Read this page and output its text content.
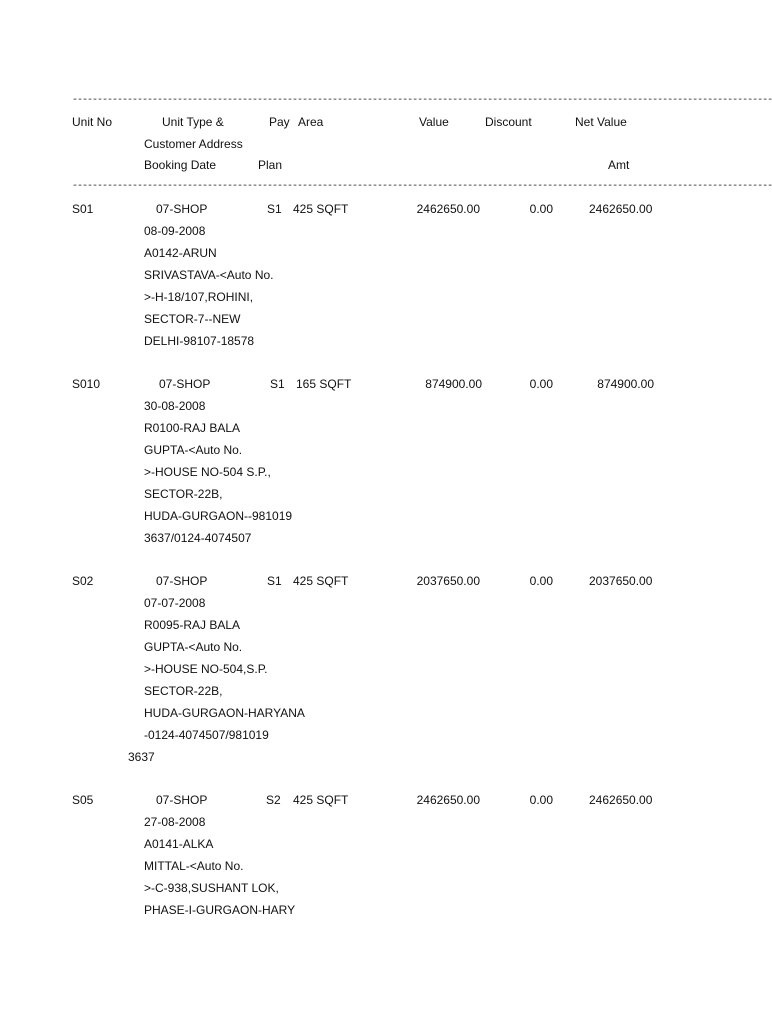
--------------------------------------------------------------------------------------------------------------------------------------------
Unit No	Unit Type &	Pay Area	Value	Discount	Net Value
Customer Address
Booking Date	Plan	Amt
--------------------------------------------------------------------------------------------------------------------------------------------
S01	07-SHOP	S1 425 SQFT	2462650.00	0.00	2462650.00
08-09-2008
A0142-ARUN
SRIVASTAVA-<Auto No.
>-H-18/107,ROHINI,
SECTOR-7--NEW
DELHI-98107-18578
S010	07-SHOP	S1 165 SQFT	874900.00	0.00	874900.00
30-08-2008
R0100-RAJ BALA
GUPTA-<Auto No.
>-HOUSE NO-504 S.P.,
SECTOR-22B,
HUDA-GURGAON--981019
3637/0124-4074507
S02	07-SHOP	S1 425 SQFT	2037650.00	0.00	2037650.00
07-07-2008
R0095-RAJ BALA
GUPTA-<Auto No.
>-HOUSE NO-504,S.P.
SECTOR-22B,
HUDA-GURGAON-HARYANA
-0124-4074507/981019
3637
S05	07-SHOP	S2 425 SQFT	2462650.00	0.00	2462650.00
27-08-2008
A0141-ALKA
MITTAL-<Auto No.
>-C-938,SUSHANT LOK,
PHASE-I-GURGAON-HARY
